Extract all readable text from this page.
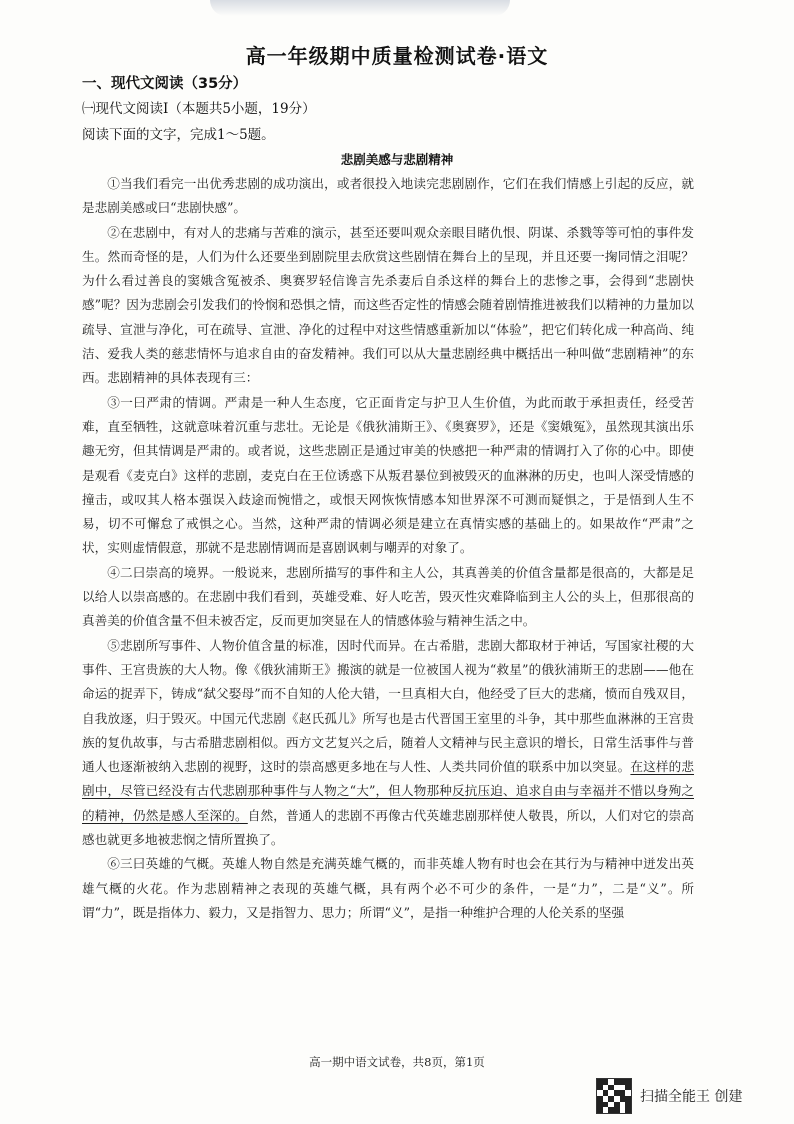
高一年级期中质量检测试卷·语文
一、现代文阅读（35分）
㈠现代文阅读Ⅰ（本题共5小题，19分）
阅读下面的文字，完成1～5题。
悲剧美感与悲剧精神

①当我们看完一出优秀悲剧的成功演出，或者很投入地读完悲剧剧作，它们在我们情感上引起的反应，就是悲剧美感或曰“悲剧快感”。

②在悲剧中，有对人的悲痛与苦难的演示，甚至还要叫观众亲眼目睹仇恨、阴谋、杀戮等等可怕的事件发生。然而奇怪的是，人们为什么还要坐到剧院里去欣赏这些剧情在舞台上的呈现，并且还要一掬同情之泪呢？为什么看过善良的窦娥含冤被杀、奥赛罗轻信谗言先杀妻后自杀这样的舞台上的悲惨之事，会得到“悲剧快感”呢？因为悲剧会引发我们的怜悯和恐惧之情，而这些否定性的情感会随着剧情推进被我们以精神的力量加以疏导、宣泄与净化，可在疏导、宣泄、净化的过程中对这些情感重新加以“体验”，把它们转化成一种高尚、纯洁、爱我人类的慈悲情怀与追求自由的奋发精神。我们可以从大量悲剧经典中概括出一种叫做“悲剧精神”的东西。悲剧精神的具体表现有三：

③一曰严肃的情调。严肃是一种人生态度，它正面肯定与护卫人生价值，为此而敢于承担责任，经受苦难，直至牺牲，这就意味着沉重与悲壮。无论是《俄狄浦斯王》、《奥赛罗》，还是《窦娥冤》，虽然现其演出乐趣无穷，但其情调是严肃的。或者说，这些悲剧正是通过审美的快感把一种严肃的情调打入了你的心中。即使是观看《麦克白》这样的悲剧，麦克白在王位诱惑下从叛君暴位到被毁灭的血淋淋的历史，也叫人深受情感的撞击，或叹其人格本强误入歧途而惋惜之，或恨天网恢恢情感本知世界深不可测而疑惧之，于是悟到人生不易，切不可懈怠了戒惧之心。当然，这种严肃的情调必须是建立在真情实感的基础上的。如果故作“严肃”之状，实则虚情假意，那就不是悲剧情调而是喜剧讽刺与嘲弄的对象了。

④二曰崇高的境界。一般说来，悲剧所描写的事件和主人公，其真善美的价值含量都是很高的，大都是足以给人以崇高感的。在悲剧中我们看到，英雄受难、好人吃苦，毁灭性灾难降临到主人公的头上，但那很高的真善美的价值含量不但未被否定，反而更加突显在人的情感体验与精神生活之中。

⑤悲剧所写事件、人物价值含量的标准，因时代而异。在古希腊，悲剧大都取材于神话，写国家社稷的大事件、王宫贵族的大人物。像《俄狄浦斯王》搬演的就是一位被国人视为“救星”的俄狄浦斯王的悲剧——他在命运的捉弄下，铸成“弑父娶母”而不自知的人伦大错，一旦真相大白，他经受了巨大的悲痛，愤而自残双目，自我放逐，归于毁灭。中国元代悲剧《赵氏孤儿》所写也是古代晋国王室里的斗争，其中那些血淋淋的王宫贵族的复仇故事，与古希腊悲剧相似。西方文艺复兴之后，随着人文精神与民主意识的增长，日常生活事件与普通人也逐渐被纳入悲剧的视野，这时的崇高感更多地在与人性、人类共同价值的联系中加以突显。在这样的悲剧中，尽管已经没有古代悲剧那种事件与人物之“大”，但人物那种反抗压迫、追求自由与幸福并不惜以身殉之的精神，仍然是感人至深的。自然，普通人的悲剧不再像古代英雄悲剧那样使人敬畏，所以，人们对它的崇高感也就更多地被悲悯之情所置换了。

⑥三曰英雄的气概。英雄人物自然是充满英雄气概的，而非英雄人物有时也会在其行为与精神中迸发出英雄气概的火花。作为悲剧精神之表现的英雄气概，具有两个必不可少的条件，一是“力”，二是“义”。所谓“力”，既是指体力、毅力，又是指智力、思力；所谓“义”，是指一种维护合理的人伦关系的坚强

高一期中语文试卷，共8页，第1页
扫描全能王 创建
